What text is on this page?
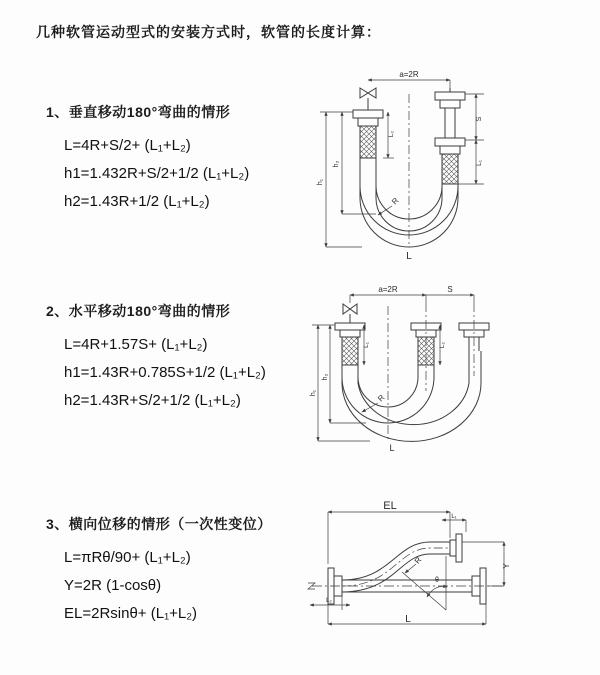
几种软管运动型式的安装方式时，软管的长度计算：
1、垂直移动180°弯曲的情形
L=4R+S/2+ (L₁+L₂)
h1=1.432R+S/2+1/2 (L₁+L₂)
h2=1.43R+1/2 (L₁+L₂)
2、水平移动180°弯曲的情形
L=4R+1.57S+ (L₁+L₂)
h1=1.43R+0.785S+1/2 (L₁+L₂)
h2=1.43R+S/2+1/2 (L₁+L₂)
3、横向位移的情形（一次性变位）
L=πRθ/90+ (L₁+L₂)
Y=2R (1-cosθ)
EL=2Rsinθ+ (L₁+L₂)
a=2R
S
L₁
L₂
h₂
h₁
R
L
a=2R	S
L₁	L₂
h₂
h₁
R
L
EL
L₁
Y
L₂
R
θ
L
